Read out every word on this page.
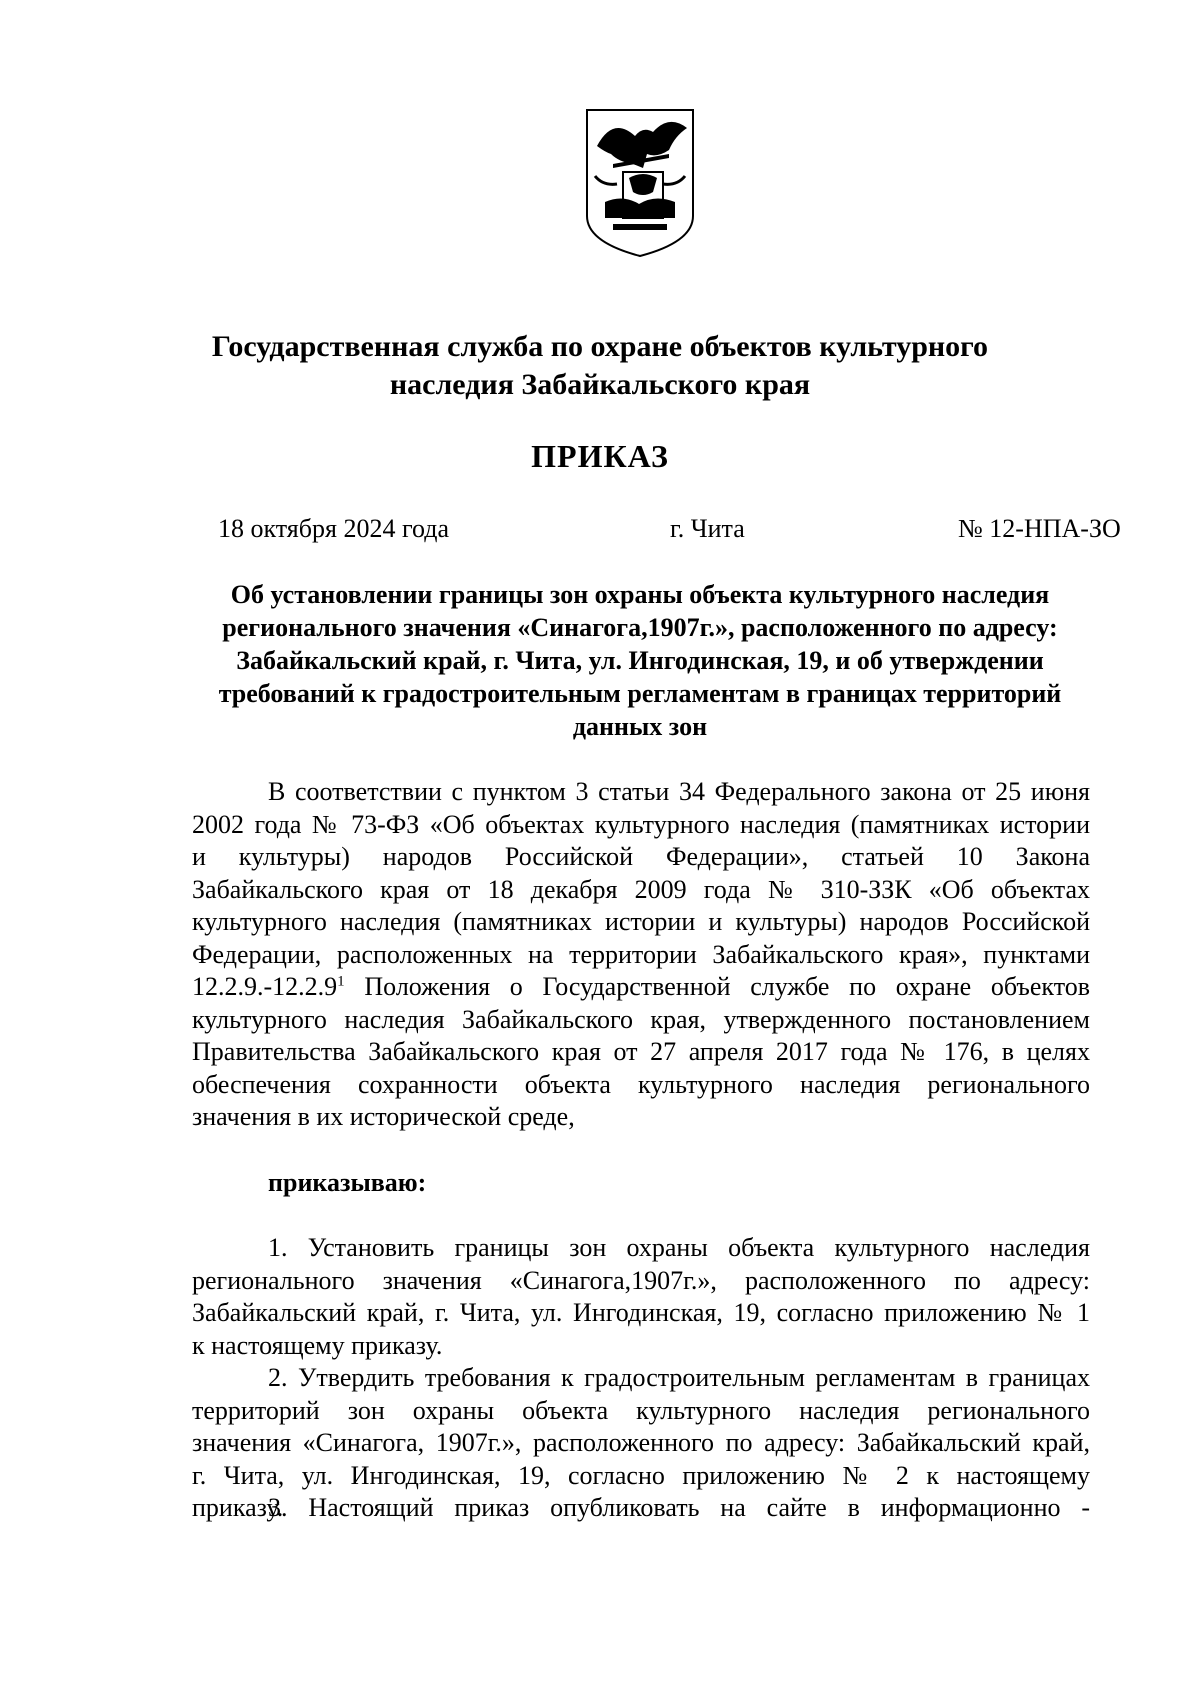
Государственная служба по охране объектов культурного
наследия Забайкальского края
ПРИКАЗ
18 октября 2024 года	г. Чита	№ 12-НПА-ЗО
Об установлении границы зон охраны объекта культурного наследия
регионального значения «Синагога,1907г.», расположенного по адресу:
Забайкальский край, г. Чита, ул. Ингодинская, 19, и об утверждении
требований к градостроительным регламентам в границах территорий
данных зон
В соответствии с пунктом 3 статьи 34 Федерального закона от 25 июня
2002 года № 73-ФЗ «Об объектах культурного наследия (памятниках истории
и культуры) народов Российской Федерации», статьей 10 Закона
Забайкальского края от 18 декабря 2009 года № 310-ЗЗК «Об объектах
культурного наследия (памятниках истории и культуры) народов Российской
Федерации, расположенных на территории Забайкальского края», пунктами
12.2.9.-12.2.9$^1$ Положения о Государственной службе по охране объектов
культурного наследия Забайкальского края, утвержденного постановлением
Правительства Забайкальского края от 27 апреля 2017 года № 176, в целях
обеспечения сохранности объекта культурного наследия регионального
значения в их исторической среде,
приказываю:
1. Установить границы зон охраны объекта культурного наследия
регионального значения «Синагога,1907г.», расположенного по адресу:
Забайкальский край, г. Чита, ул. Ингодинская, 19, согласно приложению № 1
к настоящему приказу.
2. Утвердить требования к градостроительным регламентам в границах
территорий зон охраны объекта культурного наследия регионального
значения «Синагога, 1907г.», расположенного по адресу: Забайкальский край,
г. Чита, ул. Ингодинская, 19, согласно приложению № 2 к настоящему
приказу.
3. Настоящий приказ опубликовать на сайте в информационно -
